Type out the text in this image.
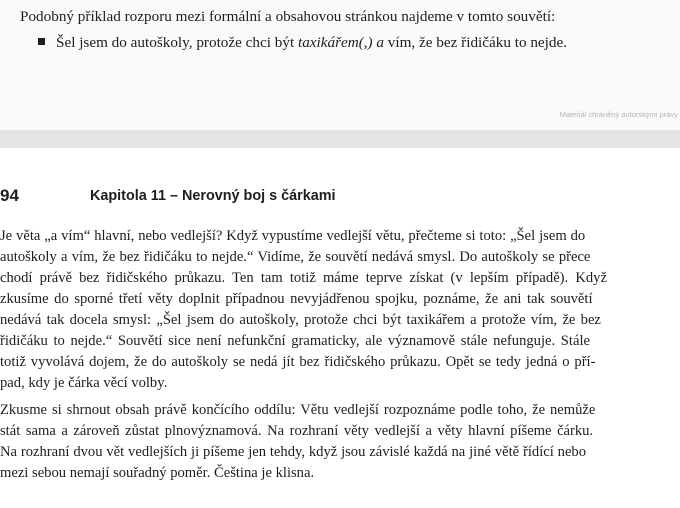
Podobný příklad rozporu mezi formální a obsahovou stránkou najdeme v tomto souvětí:
Šel jsem do autoškoly, protože chci být taxikářem(,) a vím, že bez řidičáku to nejde.
Materiál chráněný autorskými právy
94	Kapitola 11 – Nerovný boj s čárkami
Je věta „a vím“ hlavní, nebo vedlejší? Když vypustíme vedlejší větu, přečteme si toto: „Šel jsem do
autoškoly a vím, že bez řidičáku to nejde.“ Vidíme, že souvětí nedává smysl. Do autoškoly se přece
chodí právě bez řidičského průkazu. Ten tam totiž máme teprve získat (v lepším případě). Když
zkusíme do sporné třetí věty doplnit případnou nevyjádřenou spojku, poznáme, že ani tak souvětí
nedává tak docela smysl: „Šel jsem do autoškoly, protože chci být taxikářem a protože vím, že bez
řidičáku to nejde.“ Souvětí sice není nefunkční gramaticky, ale významově stále nefunguje. Stále
totiž vyvolává dojem, že do autoškoly se nedá jít bez řidičského průkazu. Opět se tedy jedná o pří-
pad, kdy je čárka věcí volby.
Zkusme si shrnout obsah právě končícího oddílu: Větu vedlejší rozpoznáme podle toho, že nemůže
stát sama a zároveň zůstat plnovýznamová. Na rozhraní věty vedlejší a věty hlavní píšeme čárku.
Na rozhraní dvou vět vedlejších ji píšeme jen tehdy, když jsou závislé každá na jiné větě řídící nebo
mezi sebou nemají souřadný poměr. Čeština je klisna.
